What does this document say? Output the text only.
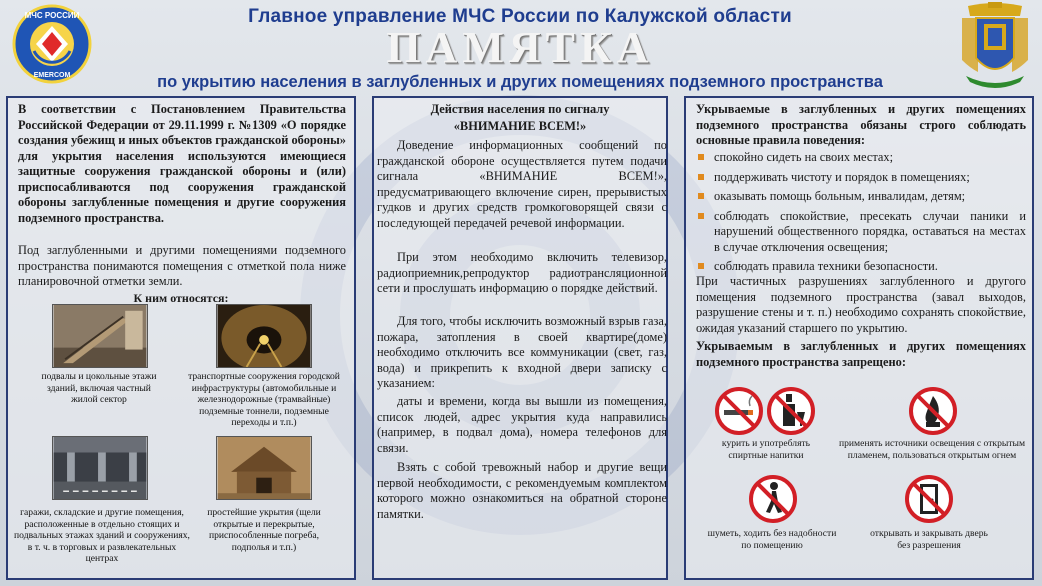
МЧС РОССИИ
EMERCOM
Главное управление МЧС России по Калужской области
ПАМЯТКА
по укрытию населения в заглубленных и других помещениях подземного пространства
В соответствии с Постановлением Правительства Российской Федерации от 29.11.1999 г. №1309 «О порядке создания убежищ и иных объектов гражданской обороны» для укрытия населения используются имеющиеся защитные сооружения гражданской обороны и (или) приспосабливаются под сооружения гражданской обороны заглубленные помещения и другие сооружения подземного пространства.
Под заглубленными и другими помещениями подземного пространства понимаются помещения с отметкой пола ниже планировочной отметки земли.
К ним относятся:
подвалы и цокольные этажи зданий, включая частный жилой сектор
транспортные сооружения городской инфраструктуры (автомобильные и железнодорожные (трамвайные) подземные тоннели, подземные переходы и т.п.)
гаражи, складские и другие помещения, расположенные в отдельно стоящих и подвальных этажах зданий и сооружениях, в т. ч. в торговых и развлекательных центрах
простейшие укрытия (щели открытые и перекрытые, приспособленные погреба, подполья и т.п.)
Действия населения по сигналу
«ВНИМАНИЕ ВСЕМ!»
Доведение информационных сообщений по гражданской обороне осуществляется путем подачи сигнала «ВНИМАНИЕ ВСЕМ!», предусматривающего включение сирен, прерывистых гудков и других средств громкоговорящей связи с последующей передачей речевой информации.
При этом необходимо включить телевизор, радиоприемник,репродуктор радиотрансляционной сети и прослушать информацию о порядке действий.
Для того, чтобы исключить возможный взрыв газа, пожара, затопления в своей квартире(доме) необходимо отключить все коммуникации (свет, газ, вода) и прикрепить к входной двери записку с указанием:
даты и времени, когда вы вышли из помещения, список людей, адрес укрытия куда направились (например, в подвал дома), номера телефонов для связи.
Взять с собой тревожный набор и другие вещи первой необходимости, с рекомендуемым комплектом которого можно ознакомиться на обратной стороне памятки.
Укрываемые в заглубленных и других помещениях подземного пространства обязаны строго соблюдать основные правила поведения:
спокойно сидеть на своих местах;
поддерживать чистоту и порядок в помещениях;
оказывать помощь больным, инвалидам, детям;
соблюдать спокойствие, пресекать случаи паники и нарушений общественного порядка, оставаться на местах в случае отключения освещения;
соблюдать правила техники безопасности.
При частичных разрушениях заглубленного и другого помещения подземного пространства (завал выходов, разрушение стены и т. п.) необходимо сохранять спокойствие, ожидая указаний старшего по укрытию.
Укрываемым в заглубленных и других помещениях подземного пространства запрещено:
курить и употреблять спиртные напитки
применять источники освещения с открытым пламенем, пользоваться открытым огнем
шуметь, ходить без надобности по помещению
открывать и закрывать дверь без разрешения
